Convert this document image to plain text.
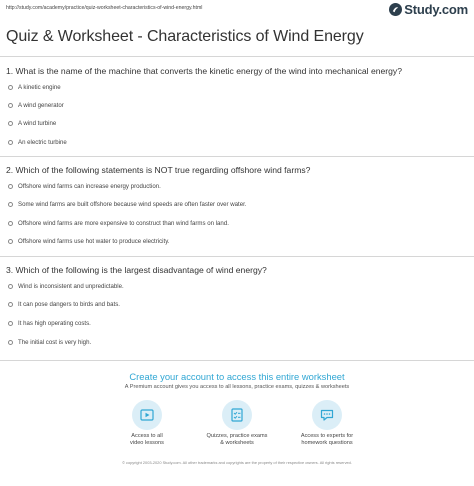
http://study.com/academy/practice/quiz-worksheet-characteristics-of-wind-energy.html	Study.com
Quiz & Worksheet - Characteristics of Wind Energy
1. What is the name of the machine that converts the kinetic energy of the wind into mechanical energy?
A kinetic engine
A wind generator
A wind turbine
An electric turbine
2. Which of the following statements is NOT true regarding offshore wind farms?
Offshore wind farms can increase energy production.
Some wind farms are built offshore because wind speeds are often faster over water.
Offshore wind farms are more expensive to construct than wind farms on land.
Offshore wind farms use hot water to produce electricity.
3. Which of the following is the largest disadvantage of wind energy?
Wind is inconsistent and unpredictable.
It can pose dangers to birds and bats.
It has high operating costs.
The initial cost is very high.
Create your account to access this entire worksheet
A Premium account gives you access to all lessons, practice exams, quizzes & worksheets
Access to all
video lessons
Quizzes, practice exams
& worksheets
Access to experts for
homework questions
© copyright 2003-2020 Study.com. All other trademarks and copyrights are the property of their respective owners. All rights reserved.
